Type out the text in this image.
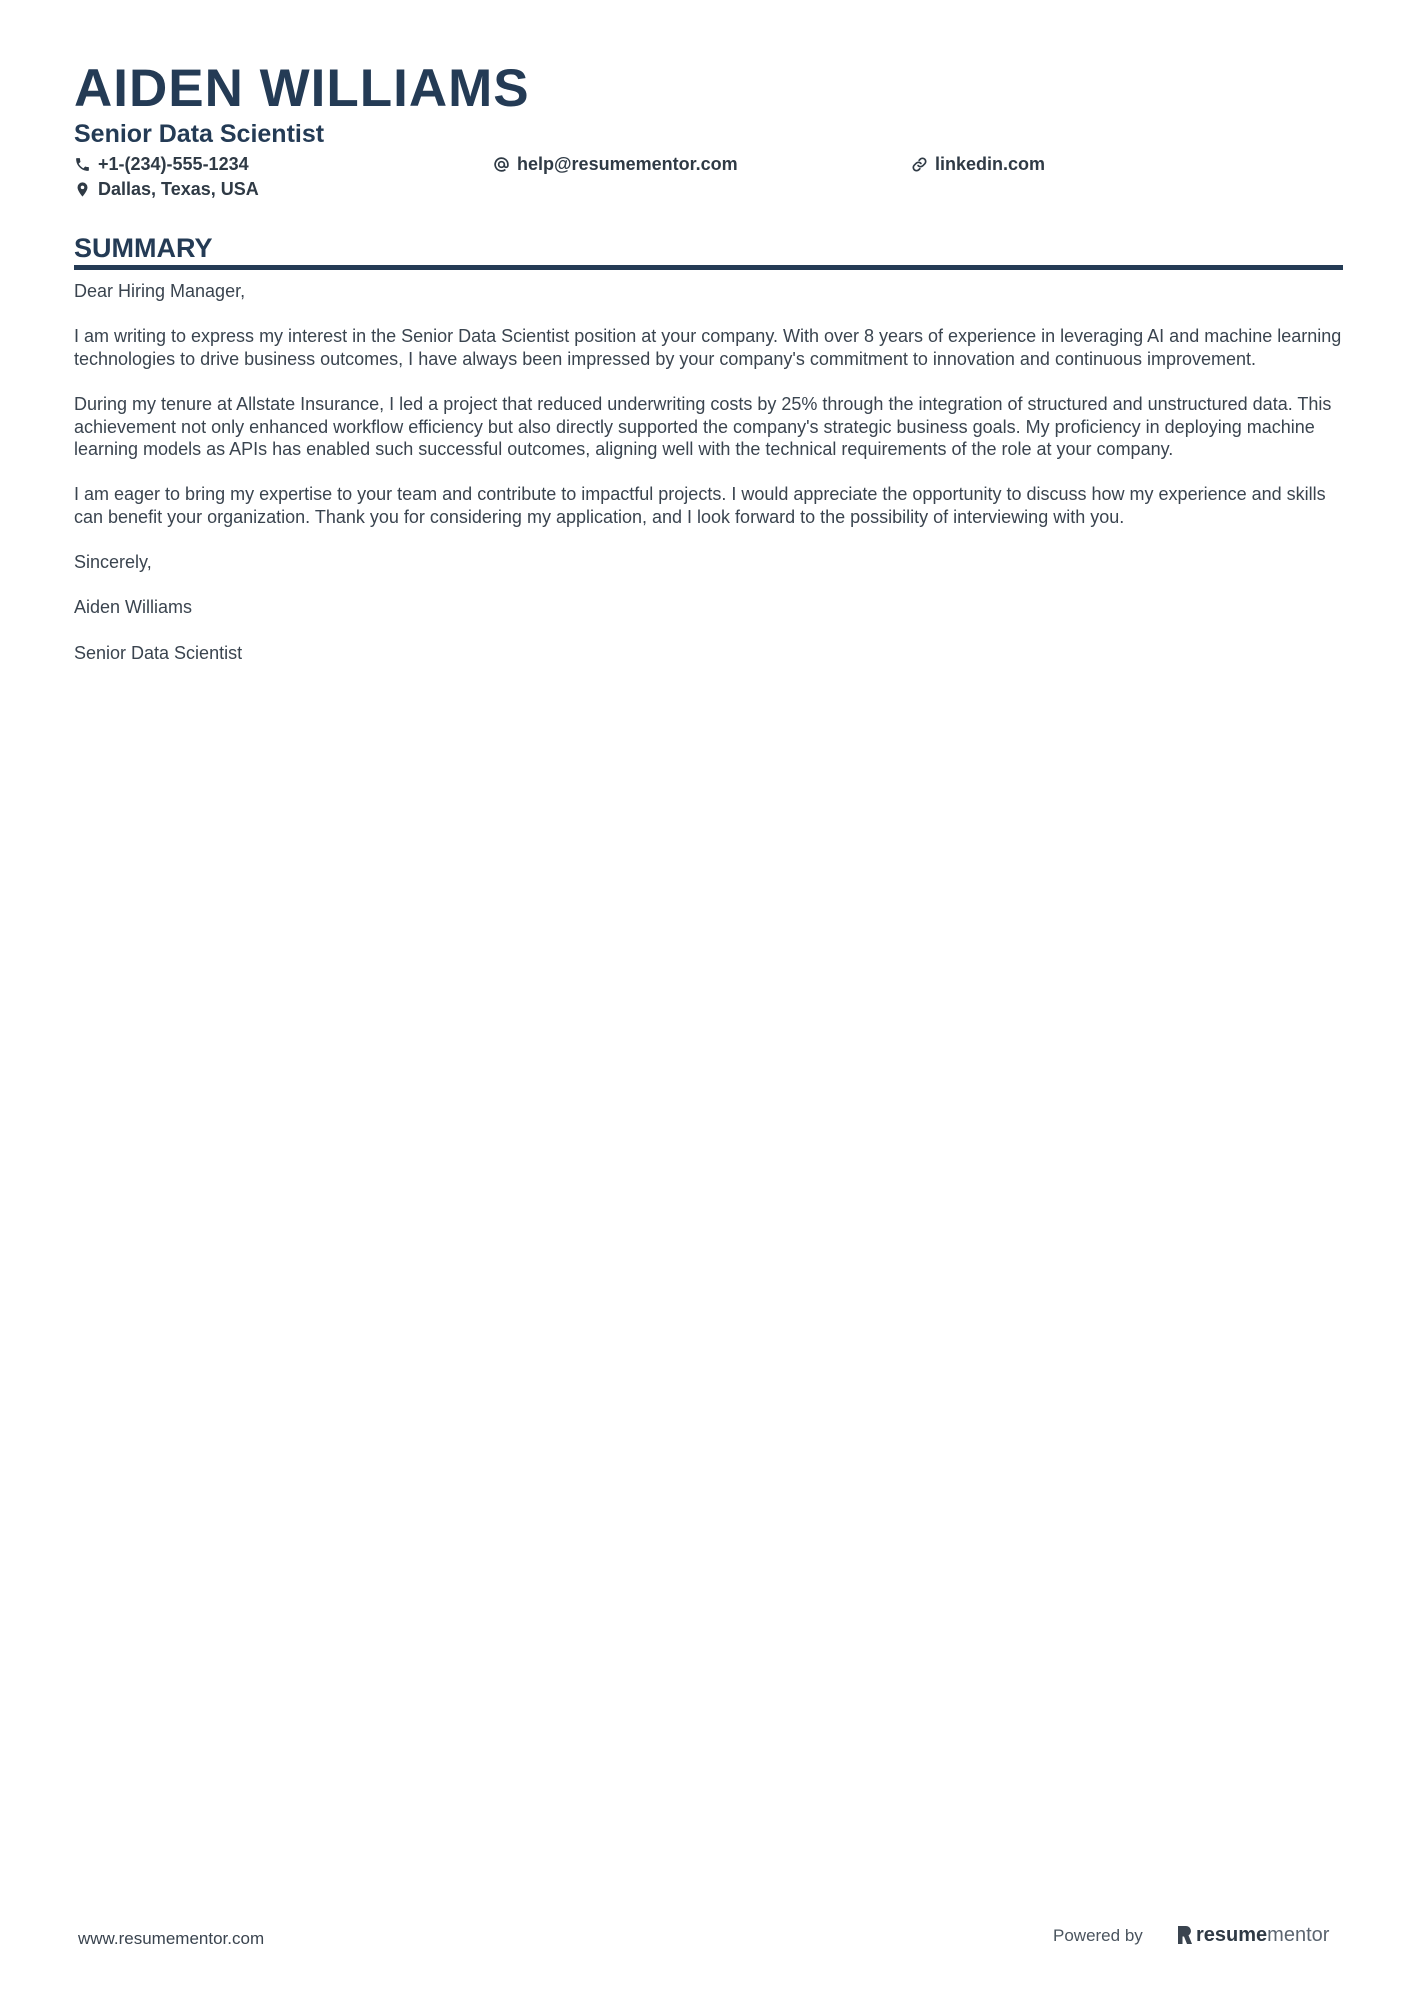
AIDEN WILLIAMS
Senior Data Scientist
+1-(234)-555-1234	help@resumementor.com	linkedin.com
Dallas, Texas, USA
SUMMARY

Dear Hiring Manager,

I am writing to express my interest in the Senior Data Scientist position at your company. With over 8 years of experience in leveraging AI and machine learning technologies to drive business outcomes, I have always been impressed by your company's commitment to innovation and continuous improvement.

During my tenure at Allstate Insurance, I led a project that reduced underwriting costs by 25% through the integration of structured and unstructured data. This achievement not only enhanced workflow efficiency but also directly supported the company's strategic business goals. My proficiency in deploying machine learning models as APIs has enabled such successful outcomes, aligning well with the technical requirements of the role at your company.

I am eager to bring my expertise to your team and contribute to impactful projects. I would appreciate the opportunity to discuss how my experience and skills can benefit your organization. Thank you for considering my application, and I look forward to the possibility of interviewing with you.

Sincerely,

Aiden Williams

Senior Data Scientist

www.resumementor.com	Powered by	resume mentor
